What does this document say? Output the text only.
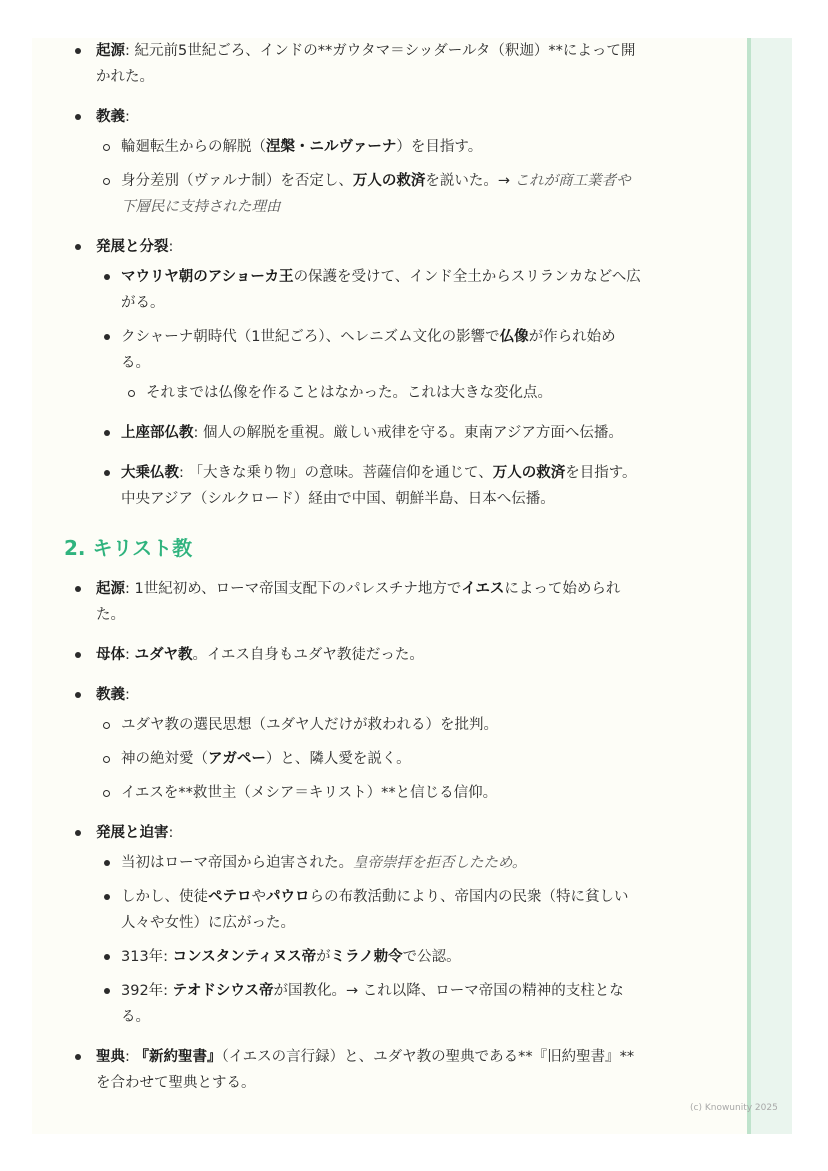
起源: 紀元前5世紀ごろ、インドの**ガウタマ＝シッダールタ（釈迦）**によって開かれた。
教義:
輪廻転生からの解脱（涅槃・ニルヴァーナ）を目指す。
身分差別（ヴァルナ制）を否定し、万人の救済を説いた。→ これが商工業者や下層民に支持された理由
発展と分裂:
マウリヤ朝のアショーカ王の保護を受けて、インド全土からスリランカなどへ広がる。
クシャーナ朝時代（1世紀ごろ）、ヘレニズム文化の影響で仏像が作られ始める。
それまでは仏像を作ることはなかった。これは大きな変化点。
上座部仏教: 個人の解脱を重視。厳しい戒律を守る。東南アジア方面へ伝播。
大乗仏教: 「大きな乗り物」の意味。菩薩信仰を通じて、万人の救済を目指す。中央アジア（シルクロード）経由で中国、朝鮮半島、日本へ伝播。
2. キリスト教
起源: 1世紀初め、ローマ帝国支配下のパレスチナ地方でイエスによって始められた。
母体: ユダヤ教。イエス自身もユダヤ教徒だった。
教義:
ユダヤ教の選民思想（ユダヤ人だけが救われる）を批判。
神の絶対愛（アガペー）と、隣人愛を説く。
イエスを**救世主（メシア＝キリスト）**と信じる信仰。
発展と迫害:
当初はローマ帝国から迫害された。皇帝崇拝を拒否したため。
しかし、使徒ペテロやパウロらの布教活動により、帝国内の民衆（特に貧しい人々や女性）に広がった。
313年: コンスタンティヌス帝がミラノ勅令で公認。
392年: テオドシウス帝が国教化。→ これ以降、ローマ帝国の精神的支柱となる。
聖典: 『新約聖書』（イエスの言行録）と、ユダヤ教の聖典である**『旧約聖書』**を合わせて聖典とする。
(c) Knowunity 2025
